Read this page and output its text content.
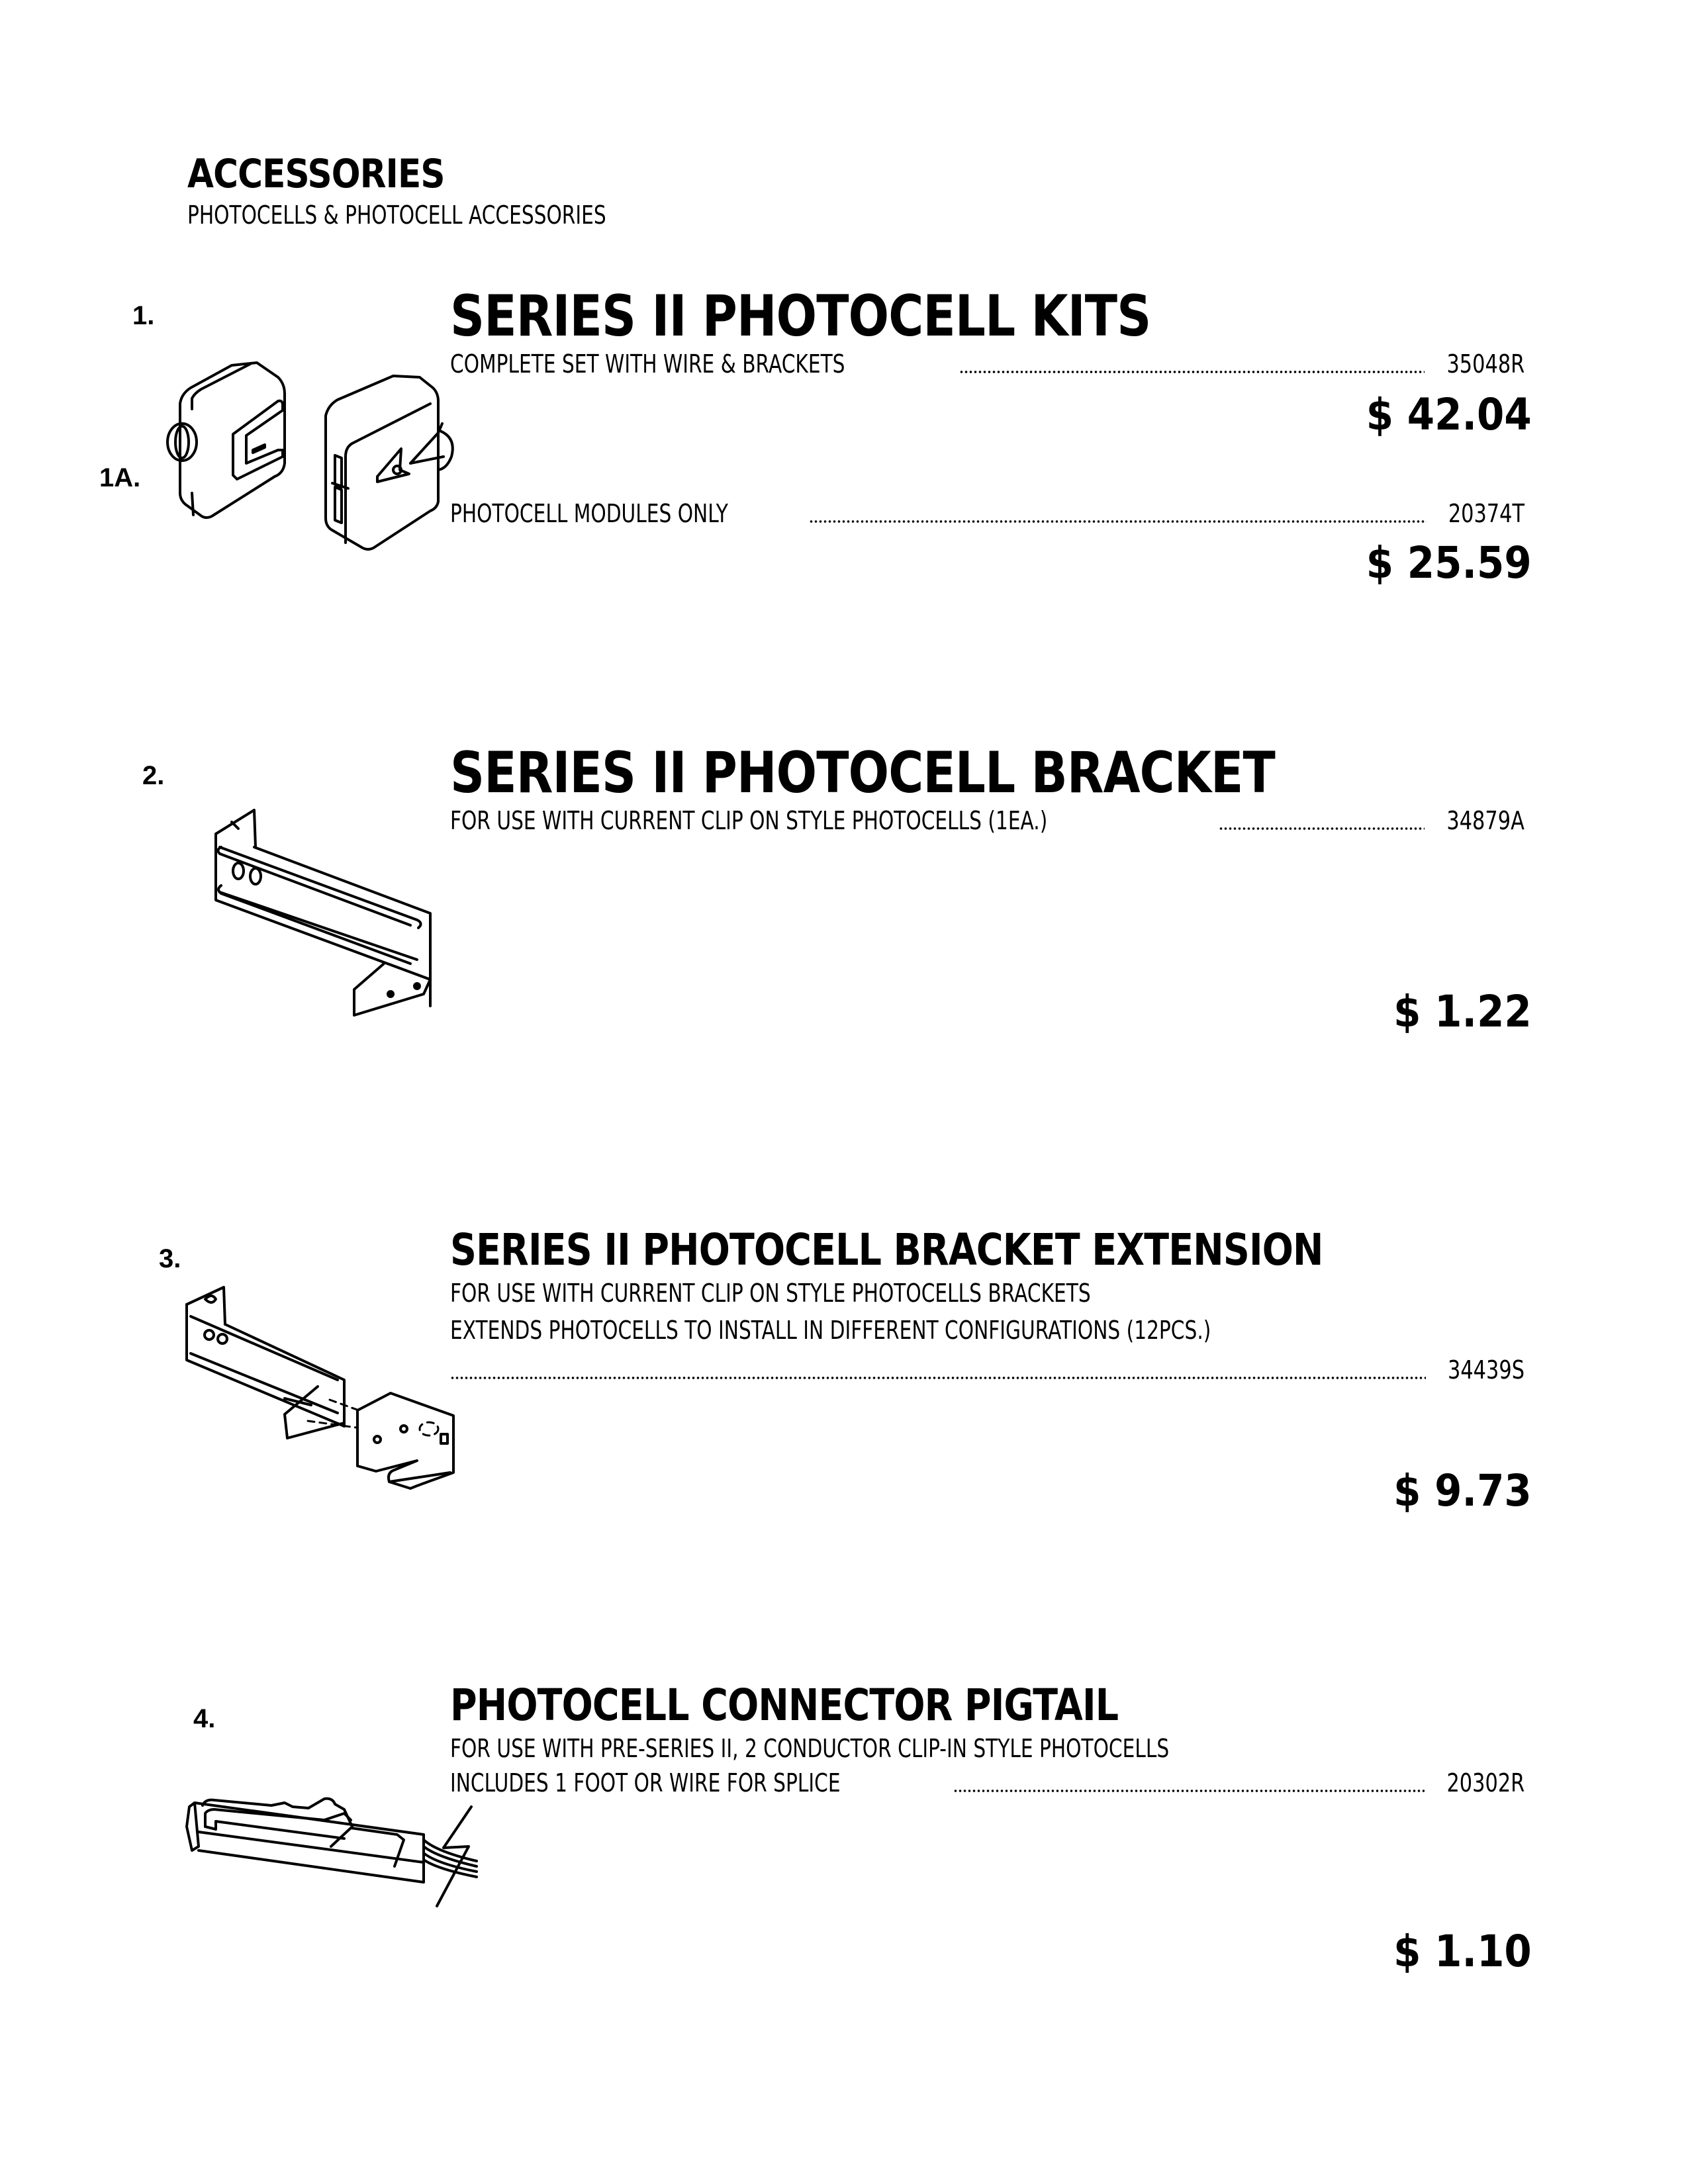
ACCESSORIES
PHOTOCELLS & PHOTOCELL ACCESSORIES
1.
1A.
SERIES II PHOTOCELL KITS
COMPLETE SET WITH WIRE & BRACKETS	35048R
$ 42.04
PHOTOCELL MODULES ONLY	20374T
$ 25.59
2.	SERIES II PHOTOCELL BRACKET
FOR USE WITH CURRENT CLIP ON STYLE PHOTOCELLS (1EA.)	34879A
$ 1.22
3.	SERIES II PHOTOCELL BRACKET EXTENSION
FOR USE WITH CURRENT CLIP ON STYLE PHOTOCELLS BRACKETS
EXTENDS PHOTOCELLS TO INSTALL IN DIFFERENT CONFIGURATIONS (12PCS.)
34439S
$ 9.73
4.	PHOTOCELL CONNECTOR PIGTAIL
FOR USE WITH PRE-SERIES II, 2 CONDUCTOR CLIP-IN STYLE PHOTOCELLS
INCLUDES 1 FOOT OR WIRE FOR SPLICE	20302R
$ 1.10
